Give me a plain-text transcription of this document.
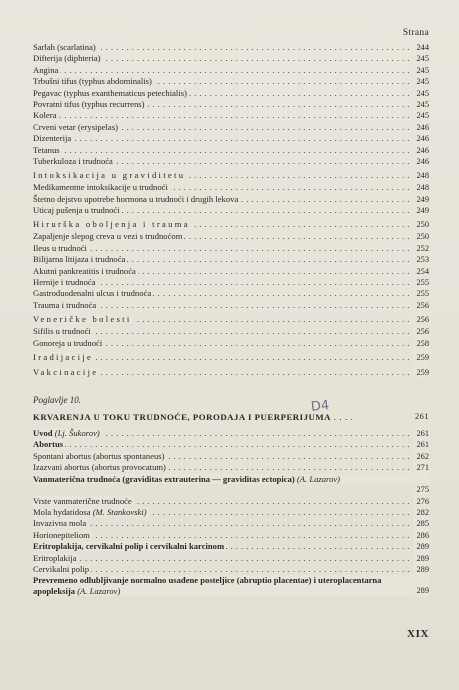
Strana
. . . Sarlah (scarlatina)	244
. . . Difterija (diphteria)	245
. . . Angina	245
. . . Trbušni tifus (typhus abdominalis)	245
. . . Pegavac (typhus exanthematicus petechialis)	245
. . . Povratni tifus (typhus recurrens)	245
. . . Kolera	245
. . . Crveni vetar (erysipelas)	246
. . . Dizenterija	246
. . . Tetanus	246
. . . Tuberkuloza i trudnoća	246
. . . Intoksikacija u graviditetu	248
. . . Medikamentne intoksikacije u trudnoći	248
. . . Štetno dejstvo upotrebe hormona u trudnoći i drugih lekova	249
. . . Uticaj pušenja u trudnoći	249
. . . Hirurška oboljenja i trauma	250
. . . Zapaljenje slepog creva u vezi s trudnoćom	250
. . . Ileus u trudnoći	252
. . . Bilijarna litijaza i trudnoća	253
. . . Akutni pankreatitis i trudnoća	254
. . . Hernije i trudnoća	255
. . . Gastroduodenalni ulcus i trudnoća	255
. . . Trauma i trudnoća	256
. . . Veneričke bolesti	256
. . . Sifilis u trudnoći	256
. . . Gonoreja u trudnoći	258
. . . Iradijacije	259
. . . Vakcinacije	259
Poglavlje 10.
KRVARENJA U TOKU TRUDNOĆE, PORODAJA I PUERPERIJUMA . . . .	261
. . . Uvod (Lj. Šukorov)	261
. . . Abortus	261
. . . Spontani abortus (abortus spontaneus)	262
. . . Izazvani abortus (abortus provocatum)	271
Vanmaterična trudnoća (graviditas extrauterina — graviditas ectopica) (A. Lazarov)
275
. . . Vrste vanmaterične trudnoće	276
. . . Mola hydatidosa (M. Stankovski)	282
. . . Invazivna mola	285
. . . Horionepiteliom	286
. . . Eritroplakija, cervikalni polip i cervikalni karcinom	289
. . . Eritroplakija	289
. . . Cervikalni polip	289
Prevremeno odlubljivanje normalno usađene posteljice (abruptio placentae) i uteroplacentarna apopleksija (A. Lazarov)	289
D4
XIX
